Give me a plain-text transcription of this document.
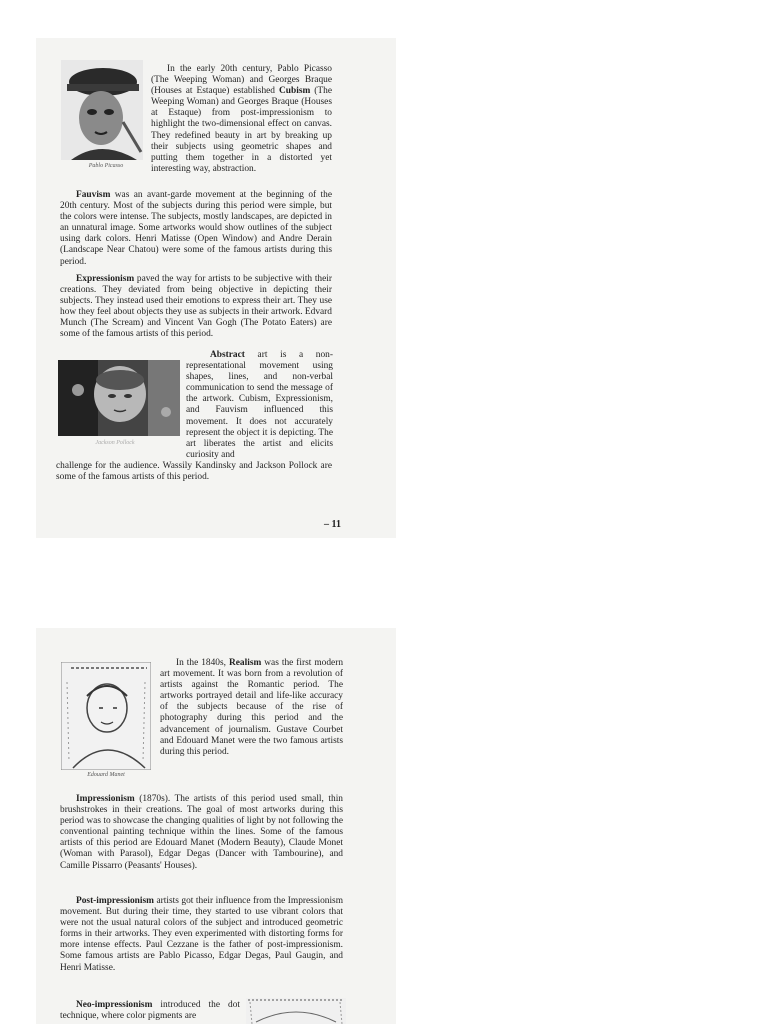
Pablo Picasso

In the early 20th century, Pablo Picasso (The Weeping Woman) and Georges Braque (Houses at Estaque) established Cubism (The Weeping Woman) and Georges Braque (Houses at Estaque) from post-impressionism to highlight the two-dimensional effect on canvas. They redefined beauty in art by breaking up their subjects using geometric shapes and putting them together in a distorted yet interesting way, abstraction.

Fauvism was an avant-garde movement at the beginning of the 20th century. Most of the subjects during this period were simple, but the colors were intense. The subjects, mostly landscapes, are depicted in an unnatural image. Some artworks would show outlines of the subject using dark colors. Henri Matisse (Open Window) and Andre Derain (Landscape Near Chatou) were some of the famous artists during this period.

Expressionism paved the way for artists to be subjective with their creations. They deviated from being objective in depicting their subjects. They instead used their emotions to express their art. They use how they feel about objects they use as subjects in their artwork. Edvard Munch (The Scream) and Vincent Van Gogh (The Potato Eaters) are some of the famous artists of this period.

Jackson Pollock

Abstract art is a non-representational movement using shapes, lines, and non-verbal communication to send the message of the artwork. Cubism, Expressionism, and Fauvism influenced this movement. It does not accurately represent the object it is depicting. The art liberates the artist and elicits curiosity and

challenge for the audience. Wassily Kandinsky and Jackson Pollock are some of the famous artists of this period.

– 11
Edouard Manet

In the 1840s, Realism was the first modern art movement. It was born from a revolution of artists against the Romantic period. The artworks portrayed detail and life-like accuracy of the subjects because of the rise of photography during this period and the advancement of journalism. Gustave Courbet and Edouard Manet were the two famous artists during this period.

Impressionism (1870s). The artists of this period used small, thin brushstrokes in their creations. The goal of most artworks during this period was to showcase the changing qualities of light by not following the conventional painting technique within the lines. Some of the famous artists of this period are Edouard Manet (Modern Beauty), Claude Monet (Woman with Parasol), Edgar Degas (Dancer with Tambourine), and Camille Pissarro (Peasants' Houses).

Post-impressionism artists got their influence from the Impressionism movement. But during their time, they started to use vibrant colors that were not the usual natural colors of the subject and introduced geometric forms in their artworks. They even experimented with distorting forms for more intense effects. Paul Cezzane is the father of post-impressionism. Some famous artists are Pablo Picasso, Edgar Degas, Paul Gaugin, and Henri Matisse.

Neo-impressionism introduced the dot technique, where color pigments are
